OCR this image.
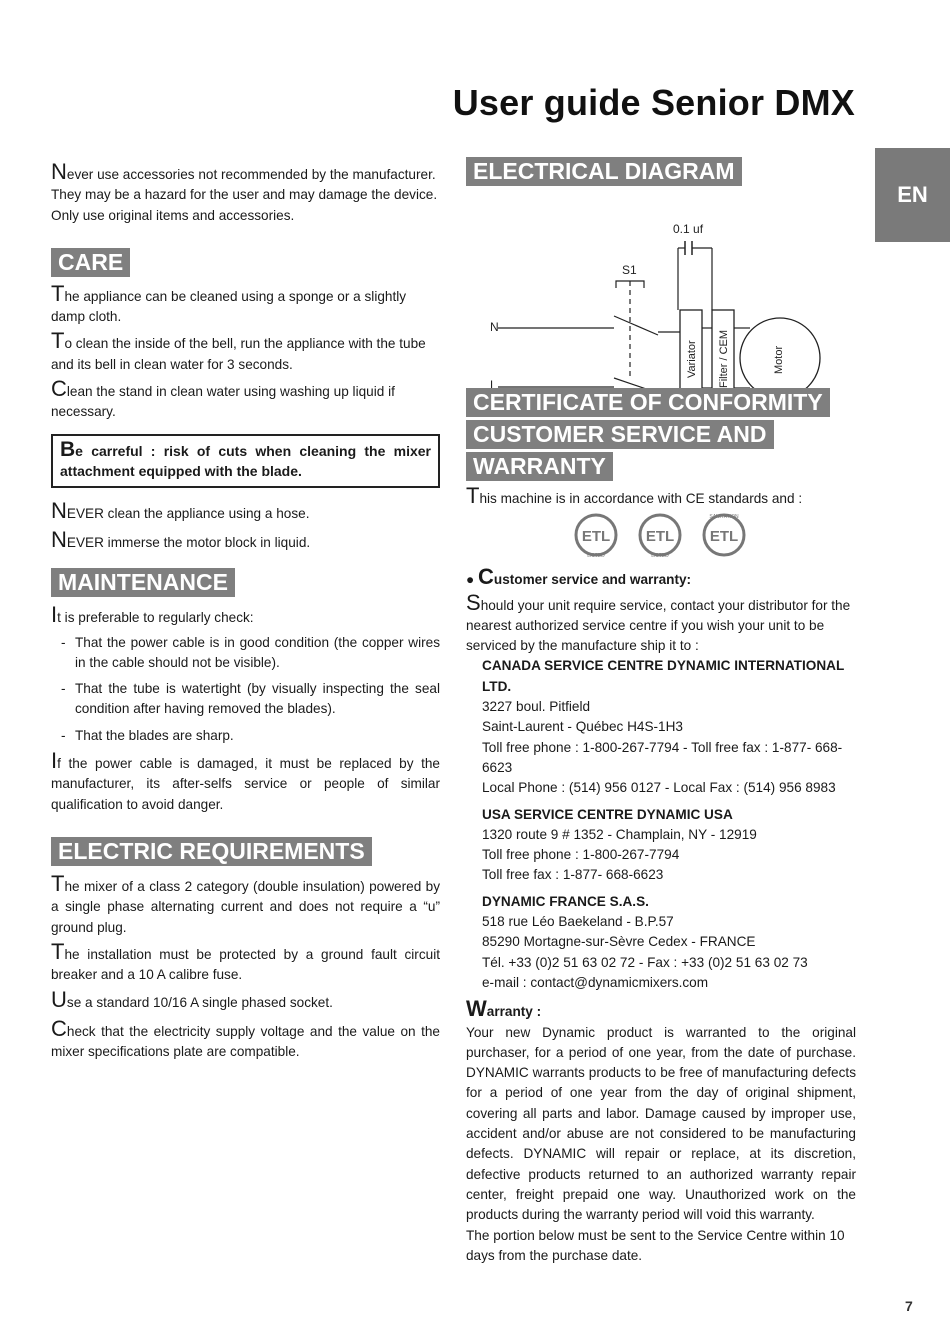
User guide Senior DMX
EN

Never use accessories not recommended by the manufacturer. They may be a hazard for the user and may damage the device. Only use original items and accessories.

CARE

The appliance can be cleaned using a sponge or a slightly damp cloth.

To clean the inside of the bell, run the appliance with the tube and its bell in clean water for 3 seconds.

Clean the stand in clean water using washing up liquid if necessary.

Be carreful : risk of cuts when cleaning the mixer attachment equipped with the blade.

NEVER clean the appliance using a hose.

NEVER immerse the motor block in liquid.

MAINTENANCE

It is preferable to regularly check:

- That the power cable is in good condition (the copper wires in the cable should not be visible).

- That the tube is watertight (by visually inspecting the seal condition after having removed the blades).

- That the blades are sharp.

If the power cable is damaged, it must be replaced by the manufacturer, its after-selfs service or people of similar qualification to avoid danger.

ELECTRIC REQUIREMENTS

The mixer of a class 2 category (double insulation) powered by a single phase alternating current and does not require a “u” ground plug.

The installation must be protected by a ground fault circuit breaker and a 10 A calibre fuse.

Use a standard 10/16 A single phased socket.

Check that the electricity supply voltage and the value on the mixer specifications plate are compatible.

ELECTRICAL DIAGRAM
0.1 uf
S1
N
L
Variator Filter / CEM	Motor
CERTIFICATE OF CONFORMITY
CUSTOMER SERVICE AND
WARRANTY

This machine is in accordance with CE standards and :

ETL
LISTED
ETL
LISTED
ETL
SANITATION

● Customer service and warranty:

Should your unit require service, contact your distributor for the nearest authorized service centre if you wish your unit to be serviced by the manufacture ship it to :

CANADA SERVICE CENTRE DYNAMIC INTERNATIONAL LTD.

3227 boul. Pitfield

Saint-Laurent - Québec H4S-1H3

Toll free phone : 1-800-267-7794 - Toll free fax : 1-877- 668-6623

Local Phone : (514) 956 0127 - Local Fax : (514) 956 8983

USA SERVICE CENTRE DYNAMIC USA

1320 route 9 # 1352 - Champlain, NY - 12919

Toll free phone : 1-800-267-7794

Toll free fax : 1-877- 668-6623

DYNAMIC FRANCE S.A.S.

518 rue Léo Baekeland - B.P.57

85290 Mortagne-sur-Sèvre Cedex - FRANCE

Tél. +33 (0)2 51 63 02 72 - Fax : +33 (0)2 51 63 02 73

e-mail : contact@dynamicmixers.com

Warranty :

Your new Dynamic product is warranted to the original purchaser, for a period of one year, from the date of purchase. DYNAMIC warrants products to be free of manufacturing defects for a period of one year from the day of original shipment, covering all parts and labor. Damage caused by improper use, accident and/or abuse are not considered to be manufacturing defects. DYNAMIC will repair or replace, at its discretion, defective products returned to an authorized warranty repair center, freight prepaid one way. Unauthorized work on the products during the warranty period will void this warranty.

The portion below must be sent to the Service Centre within 10 days from the purchase date.

7
